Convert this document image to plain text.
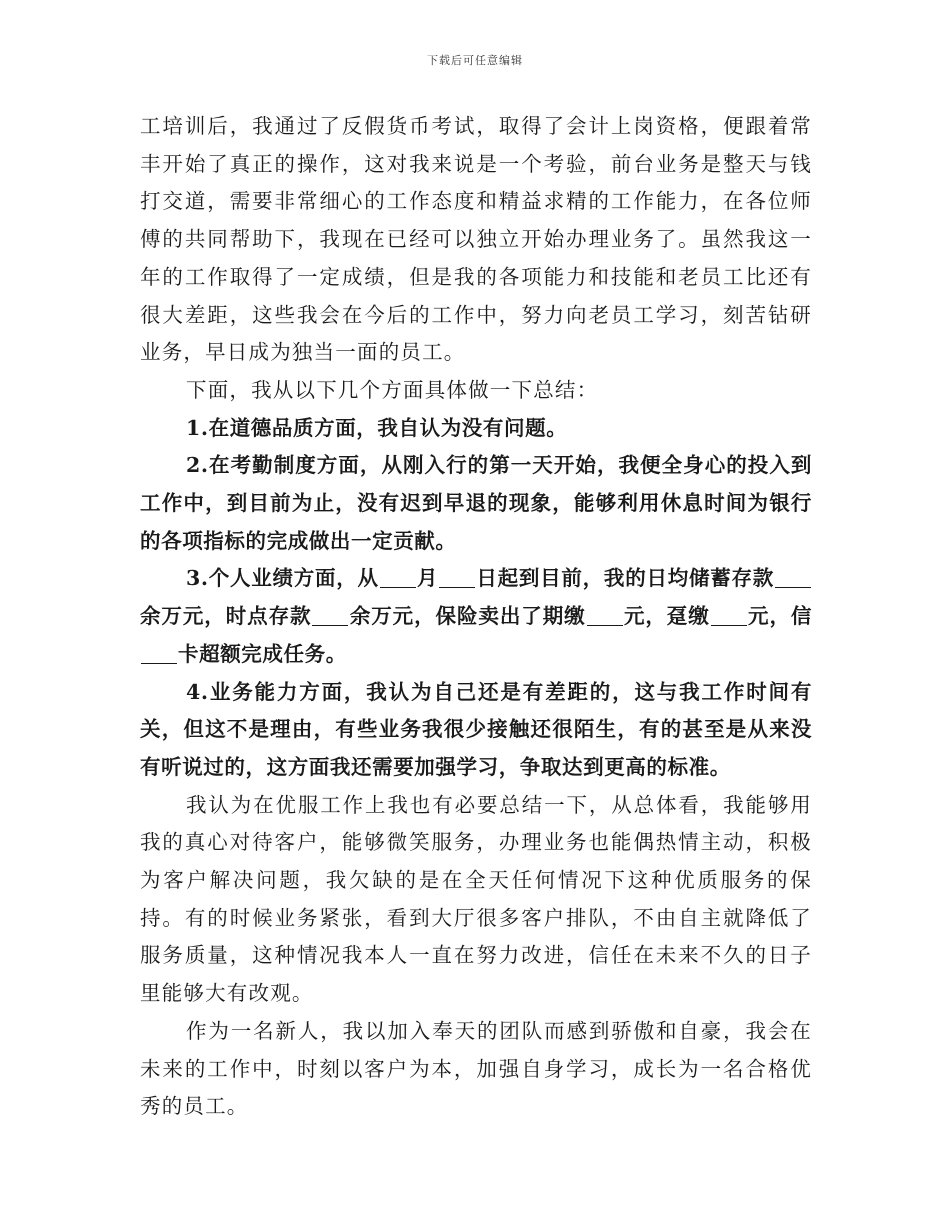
下载后可任意编辑

工培训后，我通过了反假货币考试，取得了会计上岗资格，便跟着常丰开始了真正的操作，这对我来说是一个考验，前台业务是整天与钱打交道，需要非常细心的工作态度和精益求精的工作能力，在各位师傅的共同帮助下，我现在已经可以独立开始办理业务了。虽然我这一年的工作取得了一定成绩，但是我的各项能力和技能和老员工比还有很大差距，这些我会在今后的工作中，努力向老员工学习，刻苦钻研业务，早日成为独当一面的员工。

下面，我从以下几个方面具体做一下总结：

1.在道德品质方面，我自认为没有问题。

2.在考勤制度方面，从刚入行的第一天开始，我便全身心的投入到工作中，到目前为止，没有迟到早退的现象，能够利用休息时间为银行的各项指标的完成做出一定贡献。

3.个人业绩方面，从 月 日起到目前，我的日均储蓄存款余万元，时点存款 余万元，保险卖出了期缴 元，趸缴 元，信卡超额完成任务。

4.业务能力方面，我认为自己还是有差距的，这与我工作时间有关，但这不是理由，有些业务我很少接触还很陌生，有的甚至是从来没有听说过的，这方面我还需要加强学习，争取达到更高的标准。

我认为在优服工作上我也有必要总结一下，从总体看，我能够用我的真心对待客户，能够微笑服务，办理业务也能偶热情主动，积极为客户解决问题，我欠缺的是在全天任何情况下这种优质服务的保持。有的时候业务紧张，看到大厅很多客户排队，不由自主就降低了服务质量，这种情况我本人一直在努力改进，信任在未来不久的日子里能够大有改观。

作为一名新人，我以加入奉天的团队而感到骄傲和自豪，我会在未来的工作中，时刻以客户为本，加强自身学习，成长为一名合格优秀的员工。
